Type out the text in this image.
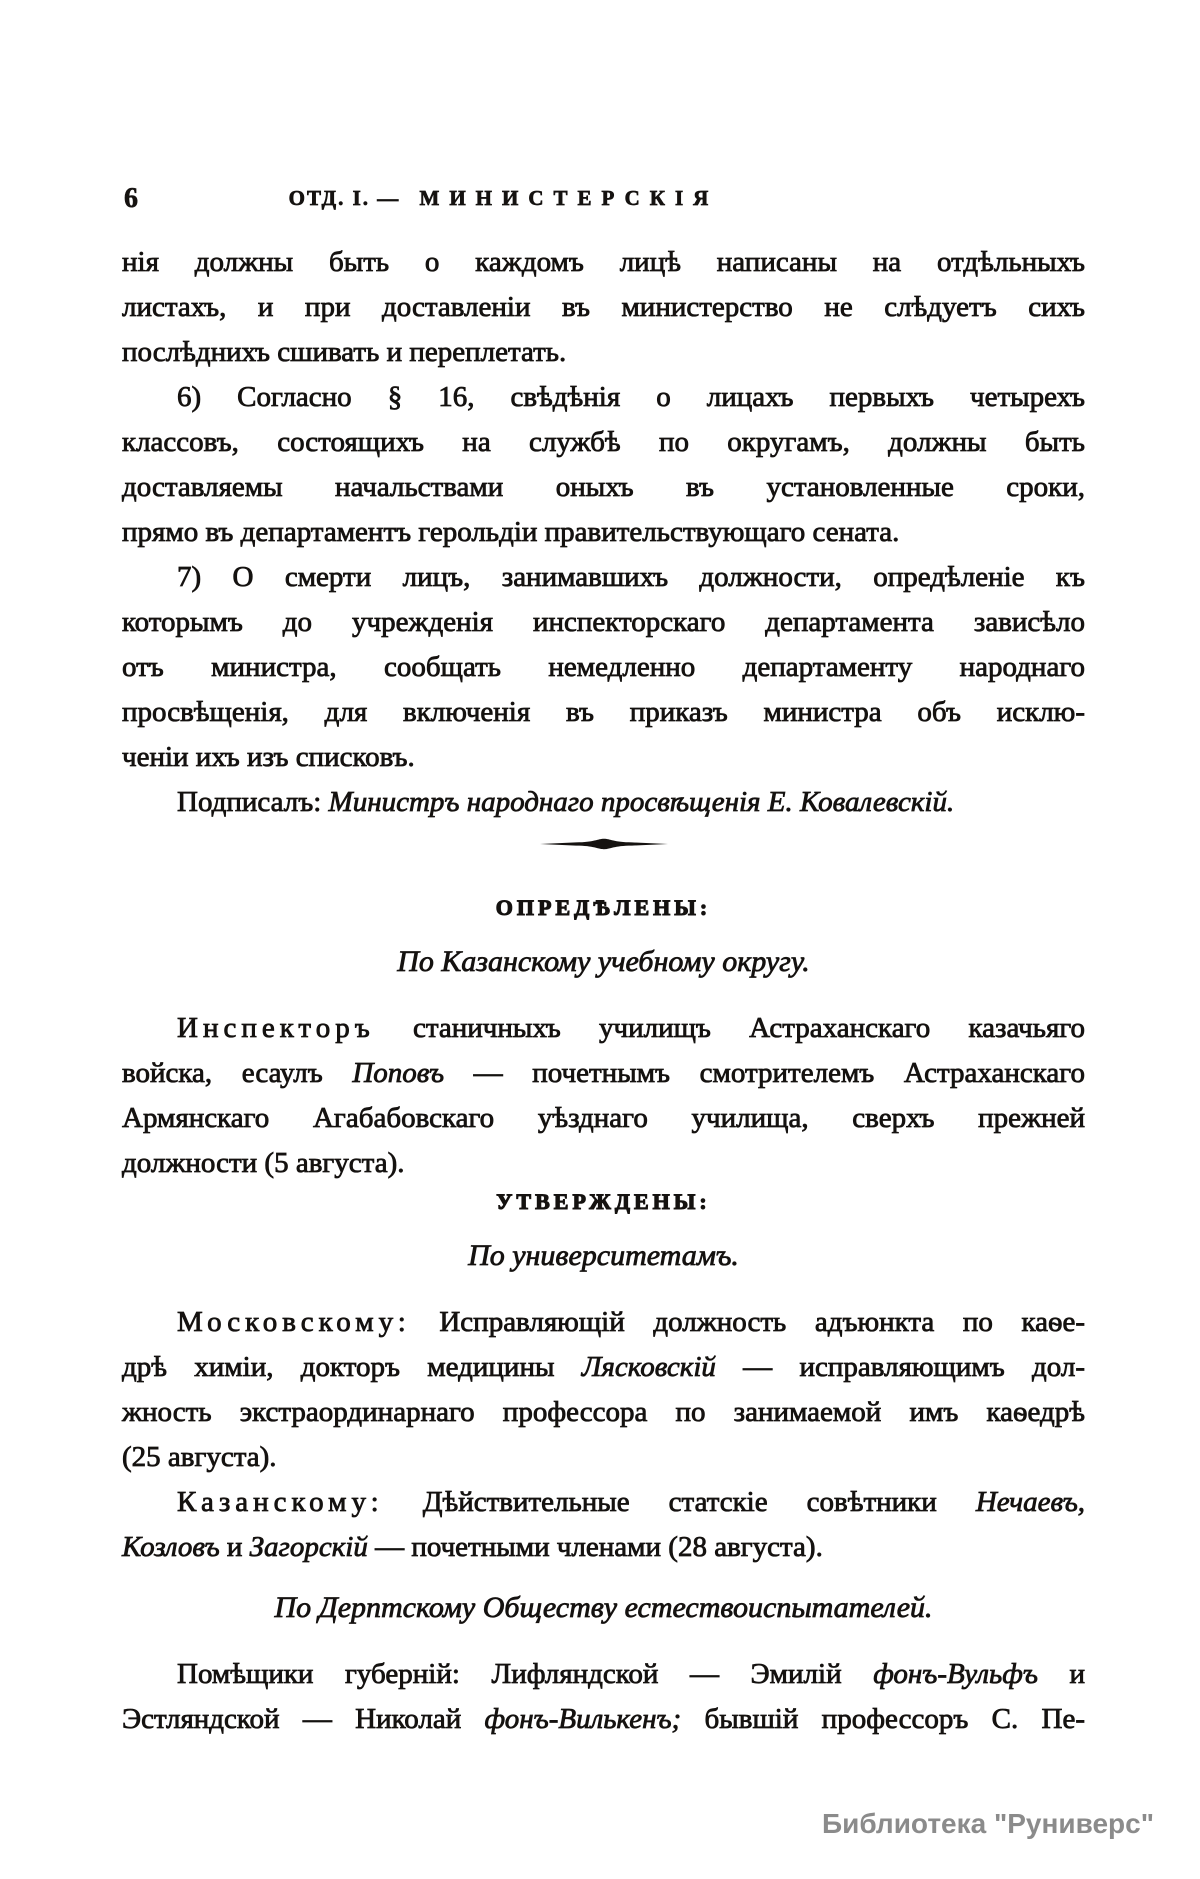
6	ОТД. I. — МИНИСТЕРСКІЯ
нія должны быть о каждомъ лицѣ написаны на отдѣльныхъ
листахъ, и при доставленіи въ министерство не слѣдуетъ сихъ
послѣднихъ сшивать и переплетать.
6) Согласно § 16, свѣдѣнія о лицахъ первыхъ четырехъ
классовъ, состоящихъ на службѣ по округамъ, должны быть
доставляемы начальствами оныхъ въ установленные сроки,
прямо въ департаментъ герольдіи правительствующаго сената.
7) О смерти лицъ, занимавшихъ должности, опредѣленіе къ
которымъ до учрежденія инспекторскаго департамента зависѣло
отъ министра, сообщать немедленно департаменту народнаго
просвѣщенія, для включенія въ приказъ министра объ исклю-
ченіи ихъ изъ списковъ.
Подписалъ: Министръ народнаго просвѣщенія Е. Ковалевскій.
ОПРЕДѢЛЕНЫ:
По Казанскому учебному округу.
Инспекторъ станичныхъ училищъ Астраханскаго казачьяго
войска, есаулъ Поповъ — почетнымъ смотрителемъ Астраханскаго
Армянскаго Агабабовскаго уѣзднаго училища, сверхъ прежней
должности (5 августа).
УТВЕРЖДЕНЫ:
По университетамъ.
Московскому: Исправляющій должность адъюнкта по каѳе-
дрѣ химіи, докторъ медицины Лясковскій — исправляющимъ дол-
жность экстраординарнаго профессора по занимаемой имъ каѳедрѣ
(25 августа).
Казанскому: Дѣйствительные статскіе совѣтники Нечаевъ,
Козловъ и Загорскій — почетными членами (28 августа).
По Дерптскому Обществу естествоиспытателей.
Помѣщики губерній: Лифляндской — Эмилій фонъ-Вульфъ и
Эстляндской — Николай фонъ-Вилькенъ; бывшій профессоръ С. Пе-
Библиотека "Руниверс"
